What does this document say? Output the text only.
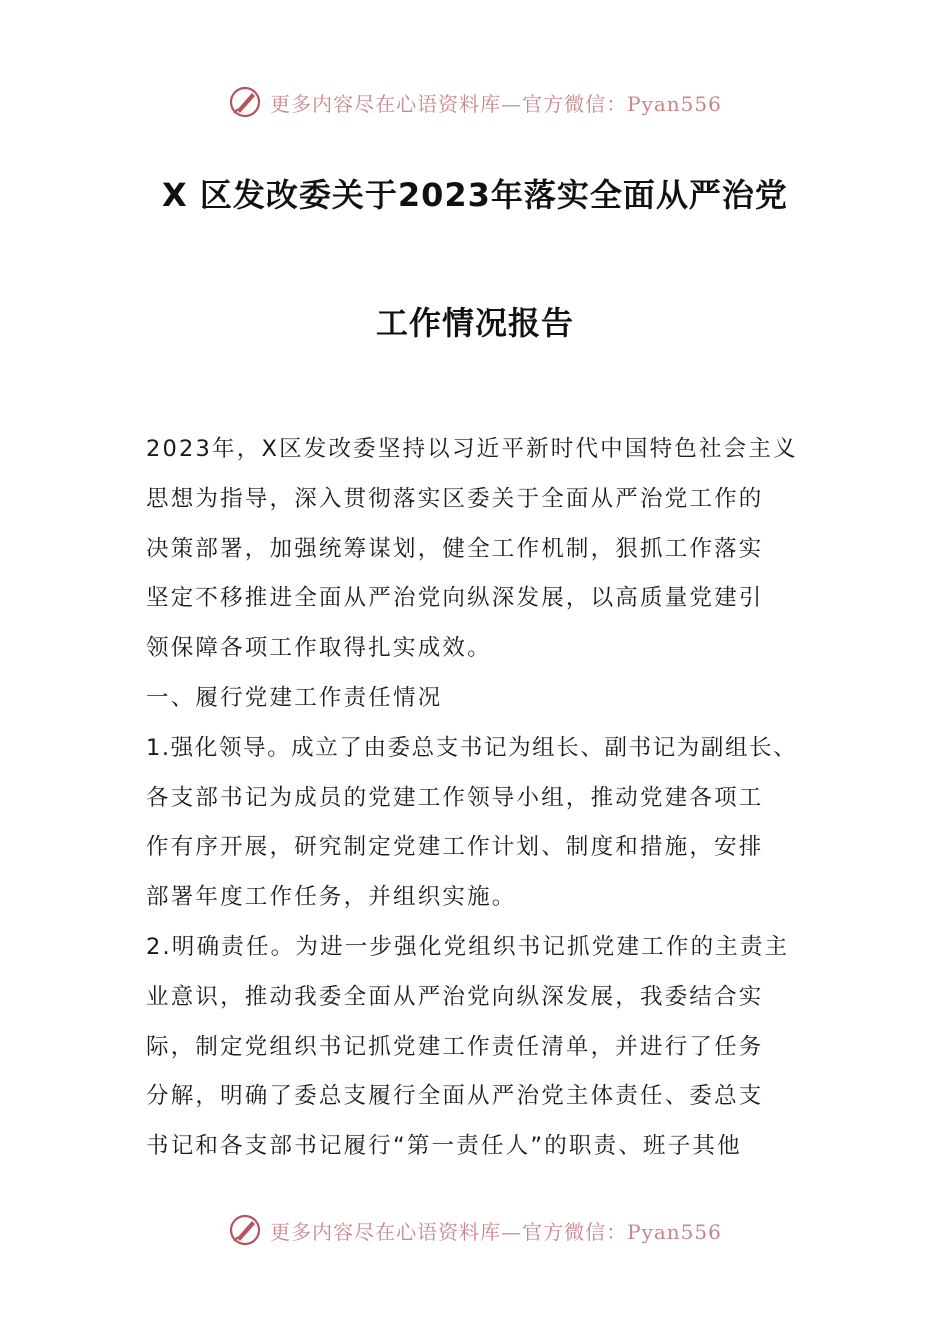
更多内容尽在心语资料库—官方微信：Pyan556
X 区发改委关于2023年落实全面从严治党
工作情况报告
2023年，X区发改委坚持以习近平新时代中国特色社会主义
思想为指导，深入贯彻落实区委关于全面从严治党工作的
决策部署，加强统筹谋划，健全工作机制，狠抓工作落实
坚定不移推进全面从严治党向纵深发展，以高质量党建引
领保障各项工作取得扎实成效。
一、履行党建工作责任情况
1.强化领导。成立了由委总支书记为组长、副书记为副组长、
各支部书记为成员的党建工作领导小组，推动党建各项工
作有序开展，研究制定党建工作计划、制度和措施，安排
部署年度工作任务，并组织实施。
2.明确责任。为进一步强化党组织书记抓党建工作的主责主
业意识，推动我委全面从严治党向纵深发展，我委结合实
际，制定党组织书记抓党建工作责任清单，并进行了任务
分解，明确了委总支履行全面从严治党主体责任、委总支
书记和各支部书记履行“第一责任人”的职责、班子其他
更多内容尽在心语资料库—官方微信：Pyan556
